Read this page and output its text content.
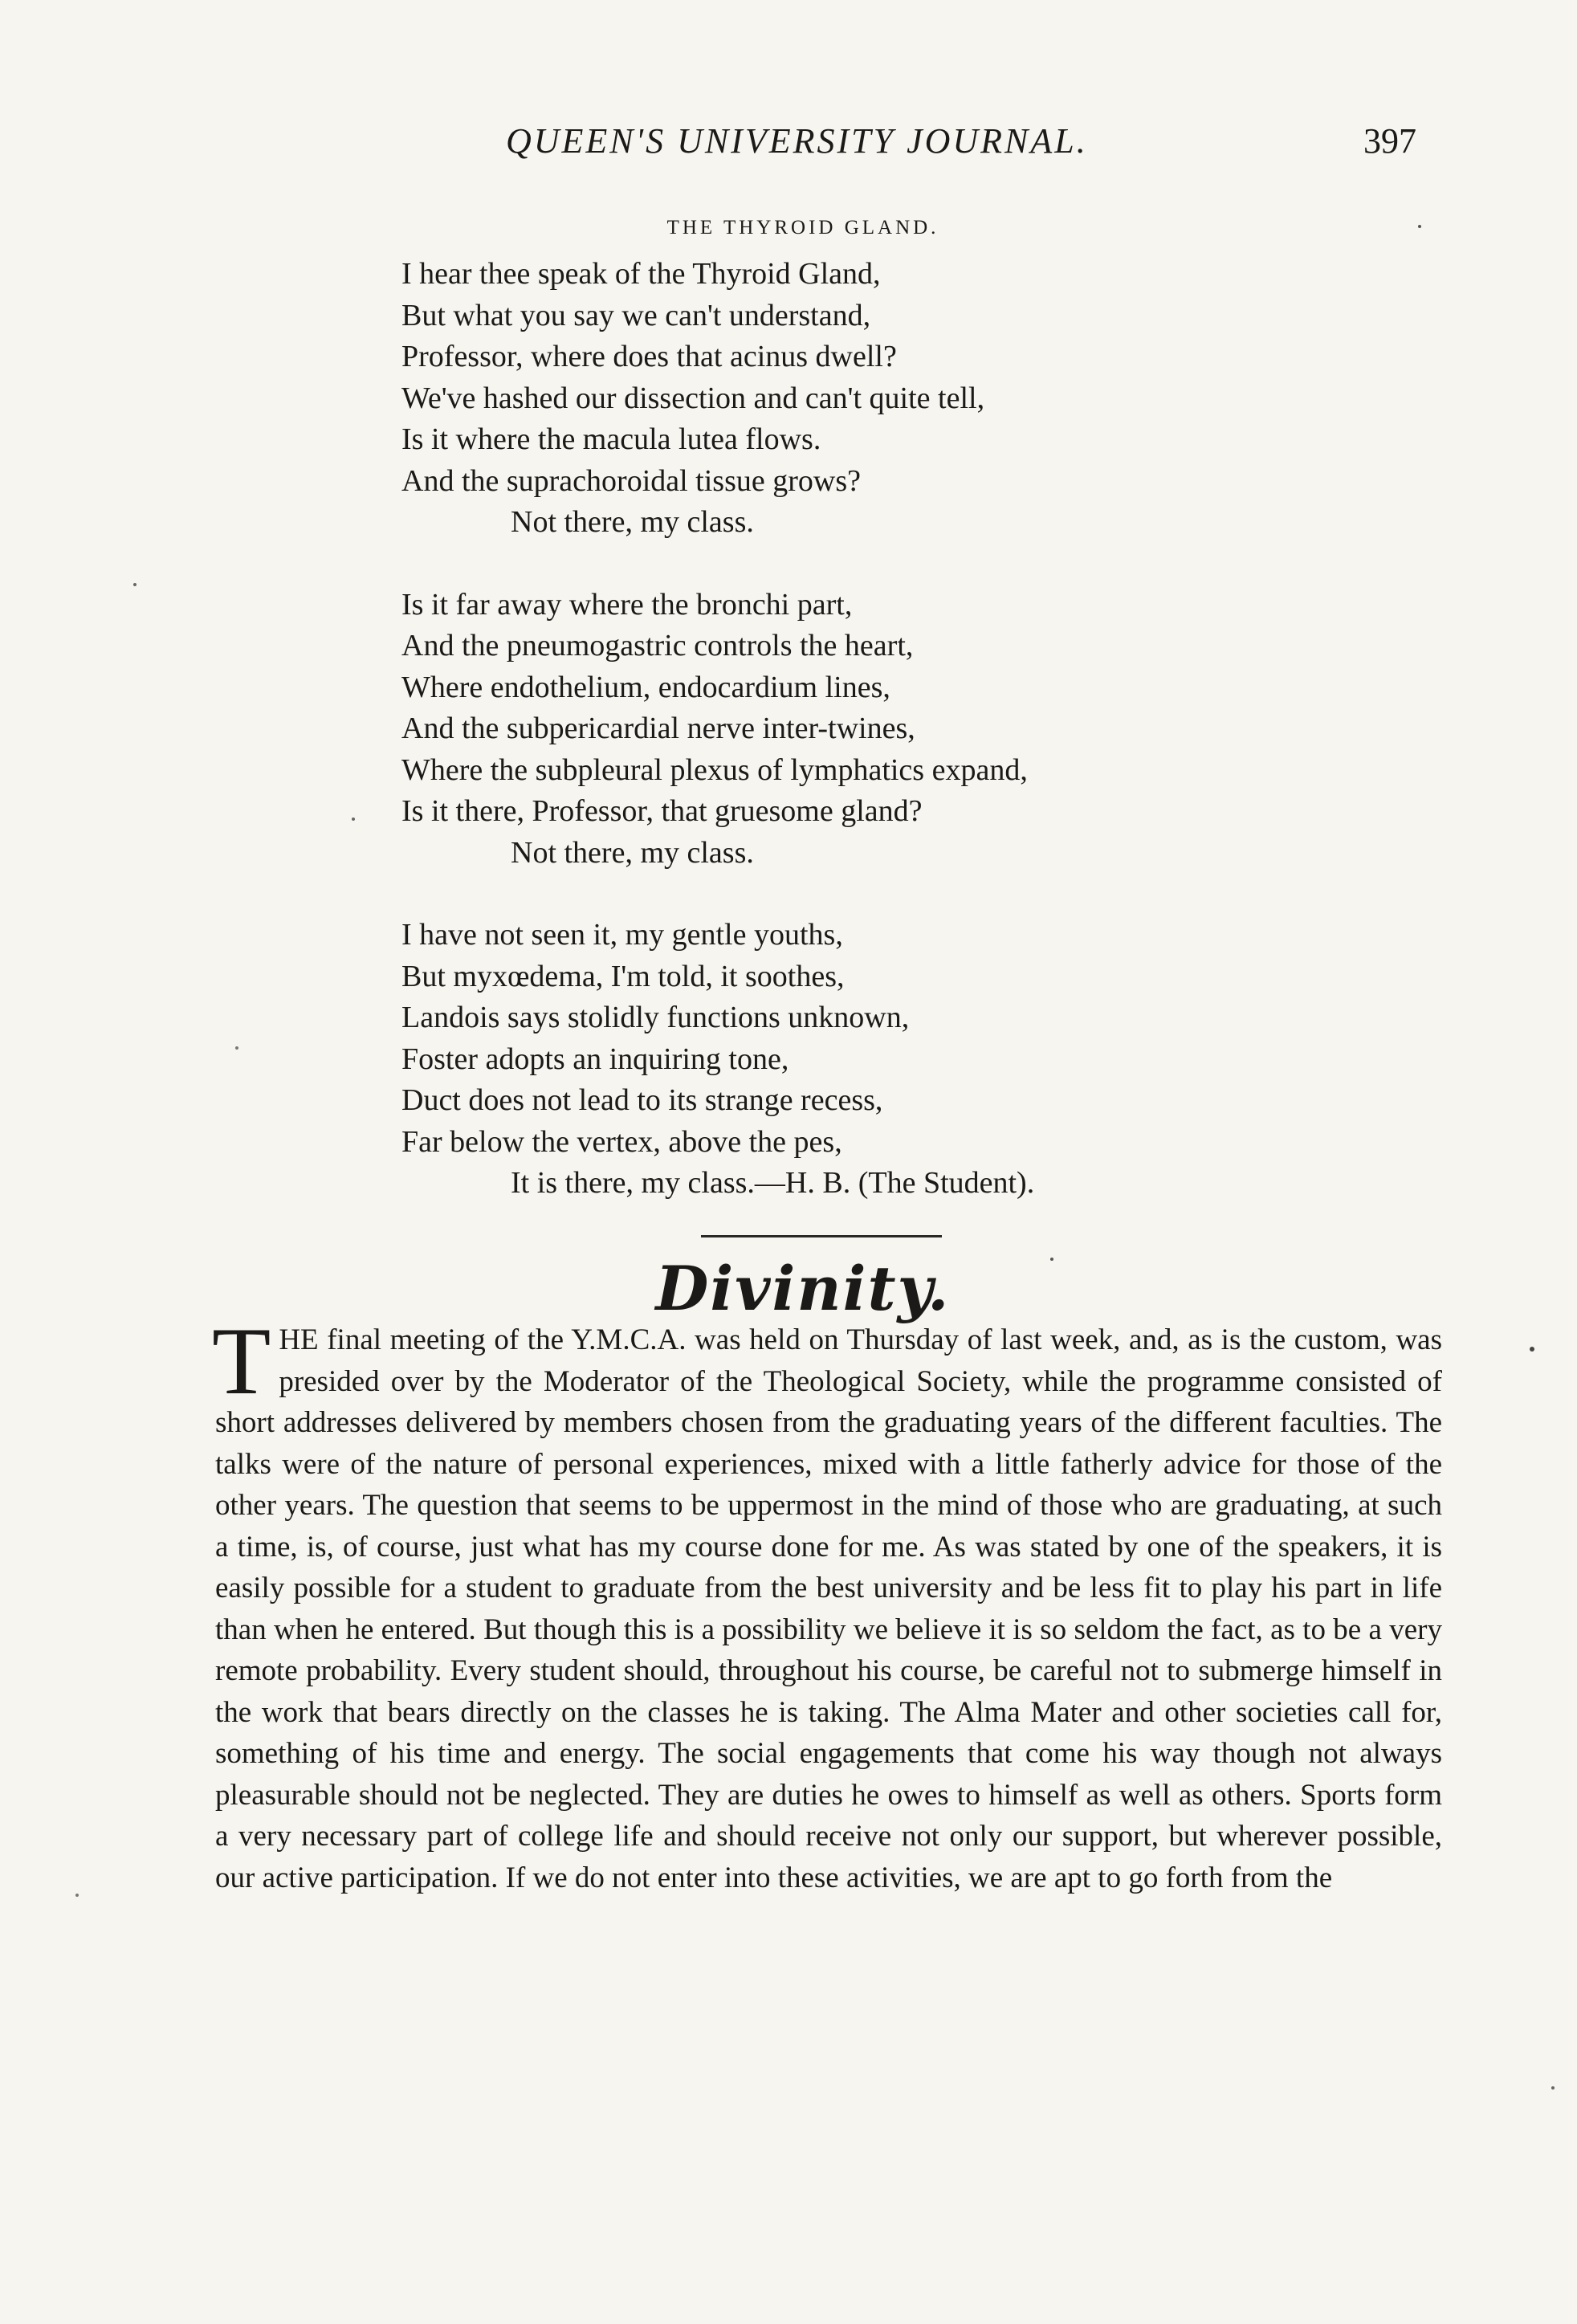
QUEEN'S UNIVERSITY JOURNAL.	397
THE THYROID GLAND.
I hear thee speak of the Thyroid Gland,
But what you say we can't understand,
Professor, where does that acinus dwell?
We've hashed our dissection and can't quite tell,
Is it where the macula lutea flows.
And the suprachoroidal tissue grows?
Not there, my class.
Is it far away where the bronchi part,
And the pneumogastric controls the heart,
Where endothelium, endocardium lines,
And the subpericardial nerve inter-twines,
Where the subpleural plexus of lymphatics expand,
Is it there, Professor, that gruesome gland?
Not there, my class.
I have not seen it, my gentle youths,
But myxœdema, I'm told, it soothes,
Landois says stolidly functions unknown,
Foster adopts an inquiring tone,
Duct does not lead to its strange recess,
Far below the vertex, above the pes,
It is there, my class.—H. B. (The Student).
Divinity.
T HE final meeting of the Y.M.C.A. was held on Thursday of last week, and, as is the custom, was presided over by the Moderator of the Theological Society, while the programme consisted of short addresses delivered by members chosen from the graduating years of the different faculties. The talks were of the nature of personal experiences, mixed with a little fatherly advice for those of the other years. The question that seems to be uppermost in the mind of those who are graduating, at such a time, is, of course, just what has my course done for me. As was stated by one of the speakers, it is easily possible for a student to graduate from the best university and be less fit to play his part in life than when he entered. But though this is a possibility we believe it is so seldom the fact, as to be a very remote probability. Every student should, throughout his course, be careful not to submerge himself in the work that bears directly on the classes he is taking. The Alma Mater and other societies call for, something of his time and energy. The social engagements that come his way though not always pleasurable should not be neglected. They are duties he owes to himself as well as others. Sports form a very necessary part of college life and should receive not only our support, but wherever possible, our active participation. If we do not enter into these activities, we are apt to go forth from the
